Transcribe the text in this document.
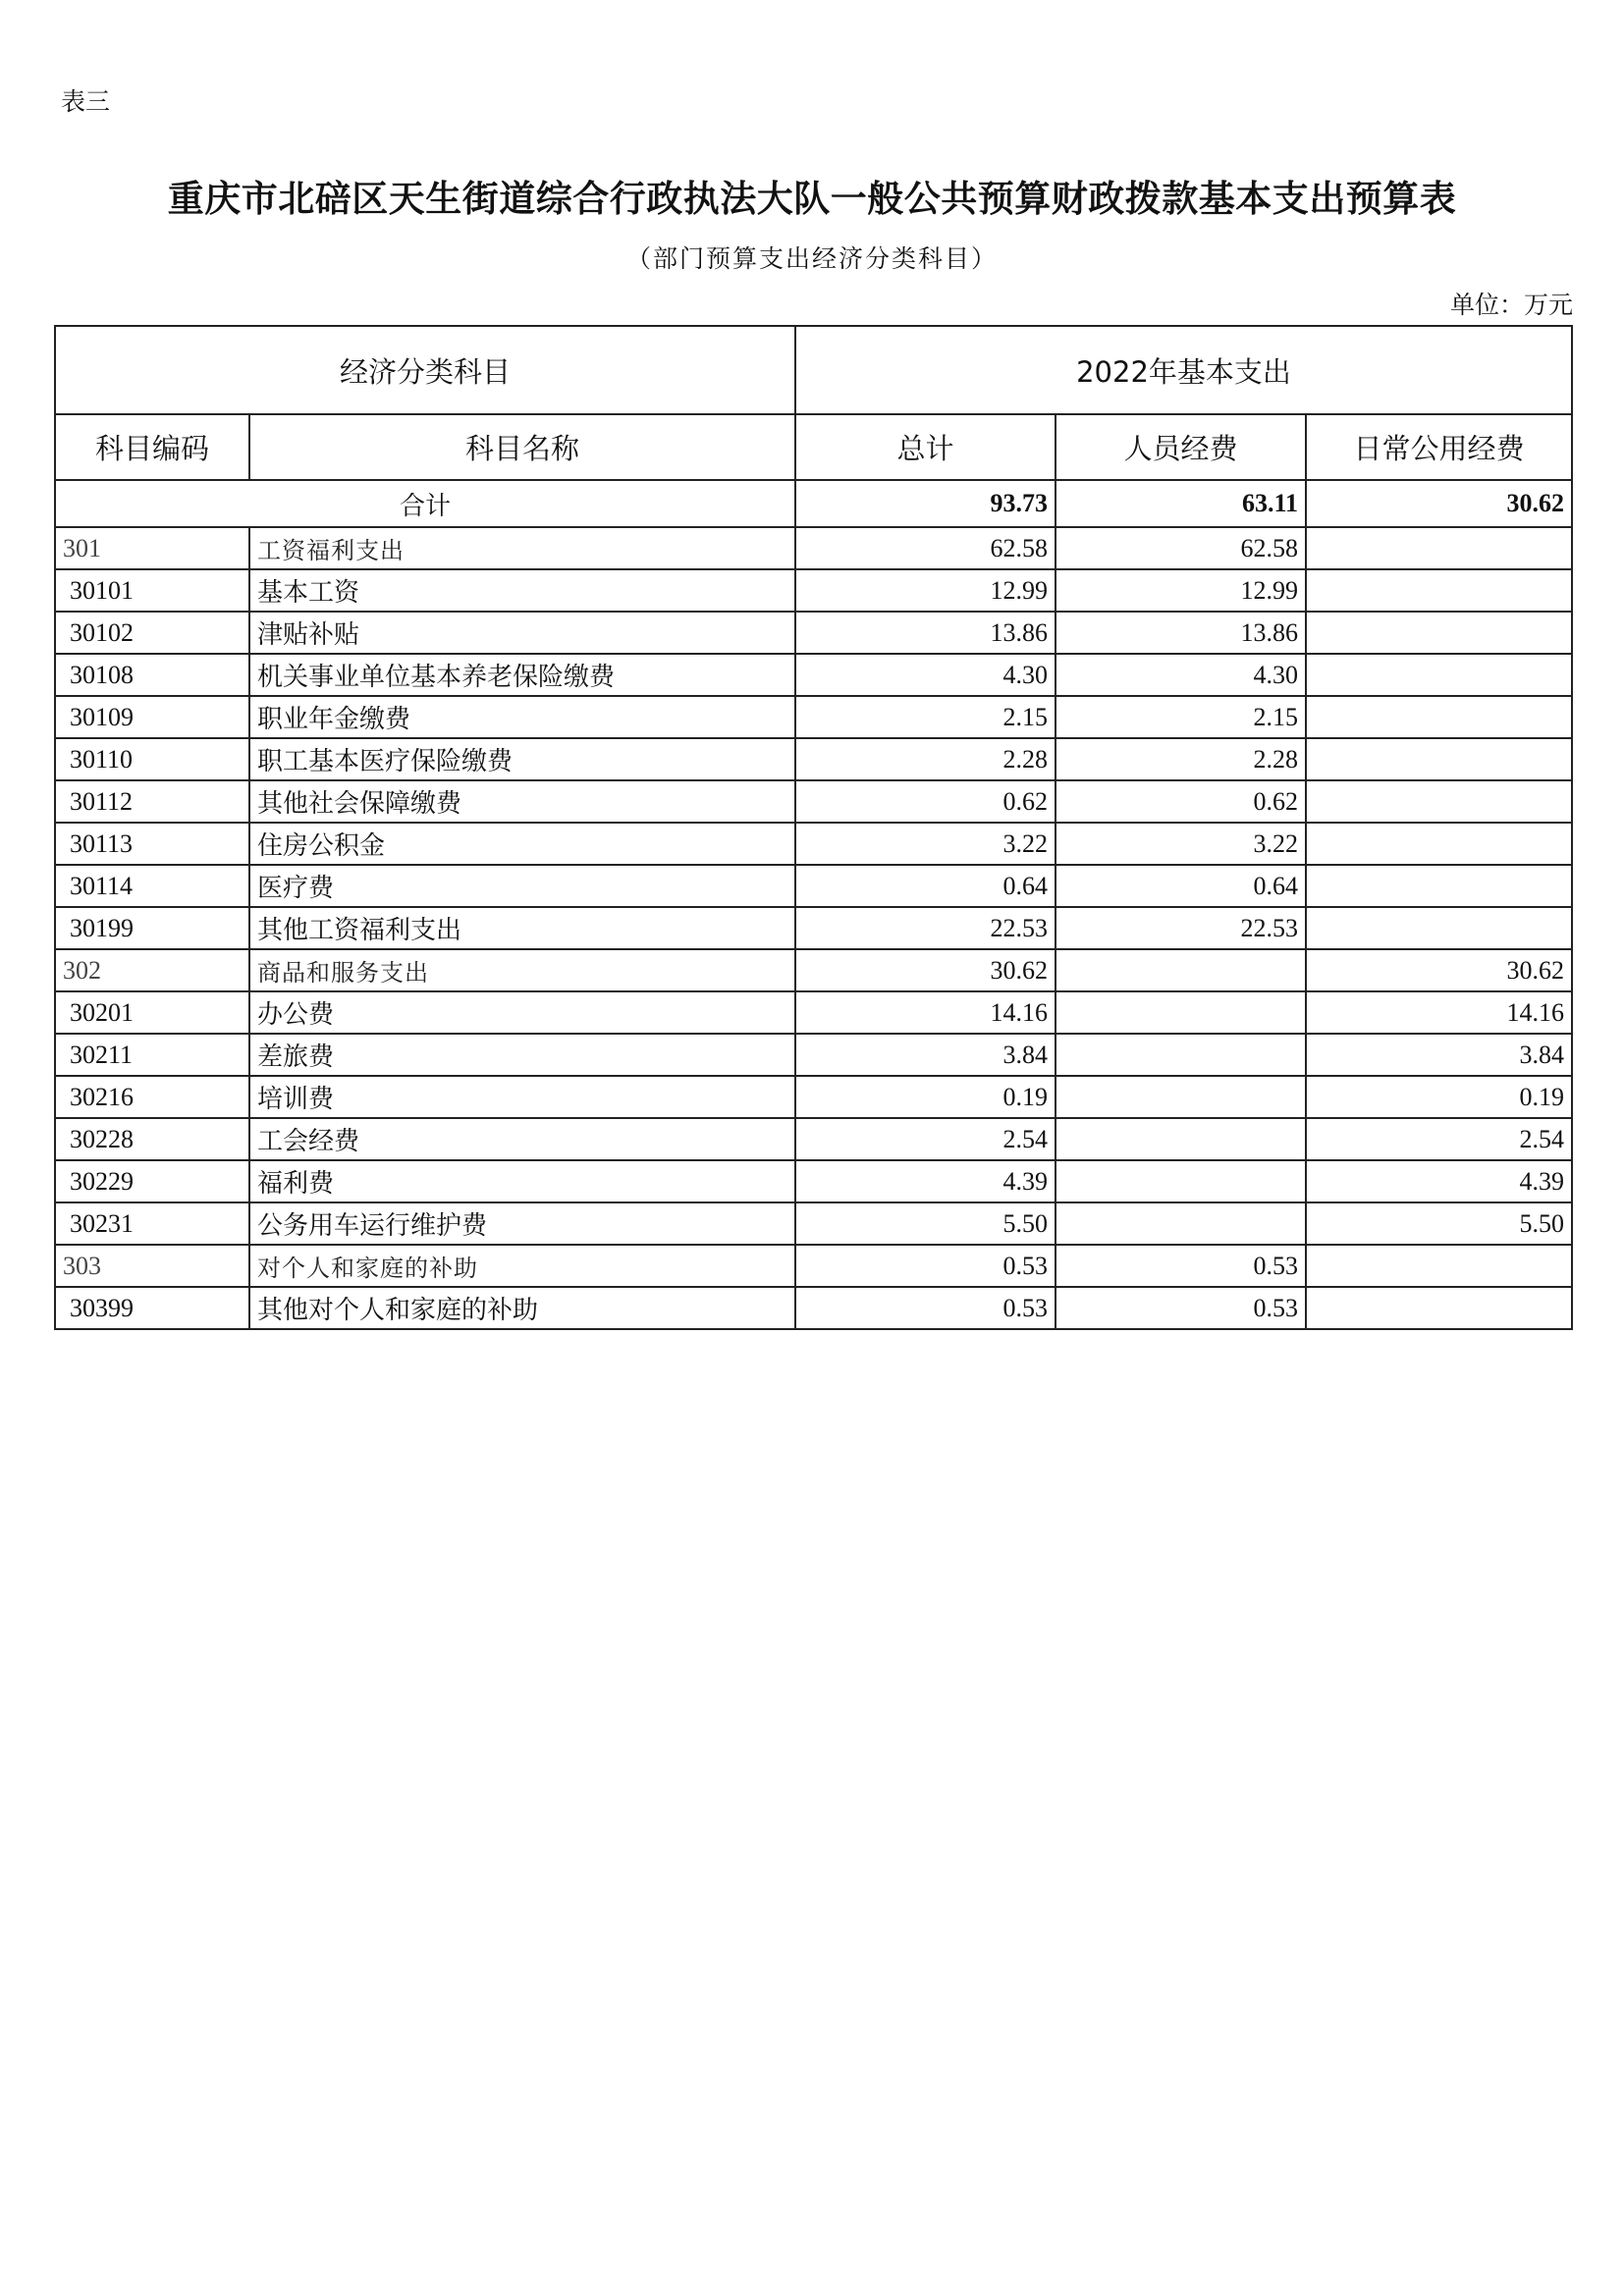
表三
重庆市北碚区天生街道综合行政执法大队一般公共预算财政拨款基本支出预算表
（部门预算支出经济分类科目）
单位：万元
经济分类科目		2022年基本支出		
科目编码	科目名称	总计	人员经费	日常公用经费
合计		93.73	63.11	30.62
301	工资福利支出	62.58	62.58	
30101	基本工资	12.99	12.99	
30102	津贴补贴	13.86	13.86	
30108	机关事业单位基本养老保险缴费	4.30	4.30	
30109	职业年金缴费	2.15	2.15	
30110	职工基本医疗保险缴费	2.28	2.28	
30112	其他社会保障缴费	0.62	0.62	
30113	住房公积金	3.22	3.22	
30114	医疗费	0.64	0.64	
30199	其他工资福利支出	22.53	22.53	
302	商品和服务支出	30.62		30.62
30201	办公费	14.16		14.16
30211	差旅费	3.84		3.84
30216	培训费	0.19		0.19
30228	工会经费	2.54		2.54
30229	福利费	4.39		4.39
30231	公务用车运行维护费	5.50		5.50
303	对个人和家庭的补助	0.53	0.53	
30399	其他对个人和家庭的补助	0.53	0.53	
